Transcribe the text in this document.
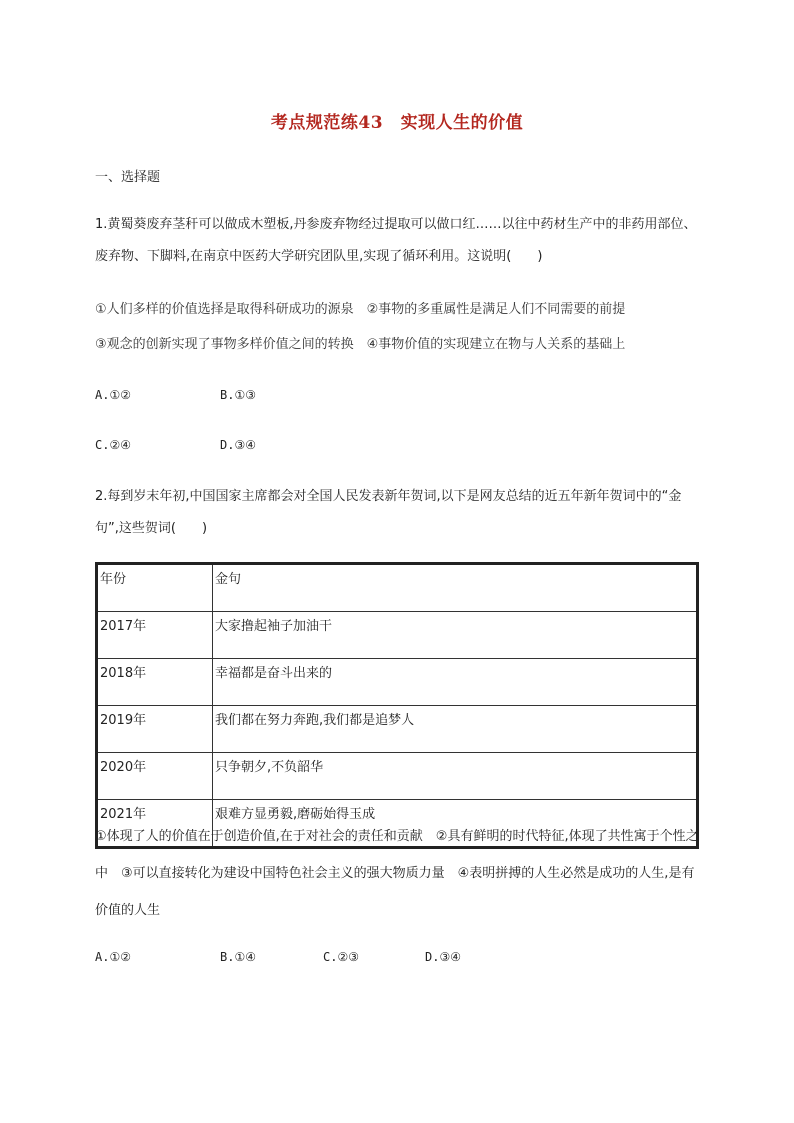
考点规范练43　实现人生的价值
一、选择题
1.黄蜀葵废弃茎秆可以做成木塑板,丹参废弃物经过提取可以做口红……以往中药材生产中的非药用部位、废弃物、下脚料,在南京中医药大学研究团队里,实现了循环利用。这说明(　　)
①人们多样的价值选择是取得科研成功的源泉　②事物的多重属性是满足人们不同需要的前提
③观念的创新实现了事物多样价值之间的转换　④事物价值的实现建立在物与人关系的基础上
A.①②	B.①③
C.②④	D.③④
2.每到岁末年初,中国国家主席都会对全国人民发表新年贺词,以下是网友总结的近五年新年贺词中的“金句”,这些贺词(　　)
年份	金句
2017年	大家撸起袖子加油干
2018年	幸福都是奋斗出来的
2019年	我们都在努力奔跑,我们都是追梦人
2020年	只争朝夕,不负韶华
2021年	艰难方显勇毅,磨砺始得玉成
①体现了人的价值在于创造价值,在于对社会的责任和贡献　②具有鲜明的时代特征,体现了共性寓于个性之中　③可以直接转化为建设中国特色社会主义的强大物质力量　④表明拼搏的人生必然是成功的人生,是有价值的人生
A.①②	B.①④	C.②③	D.③④
